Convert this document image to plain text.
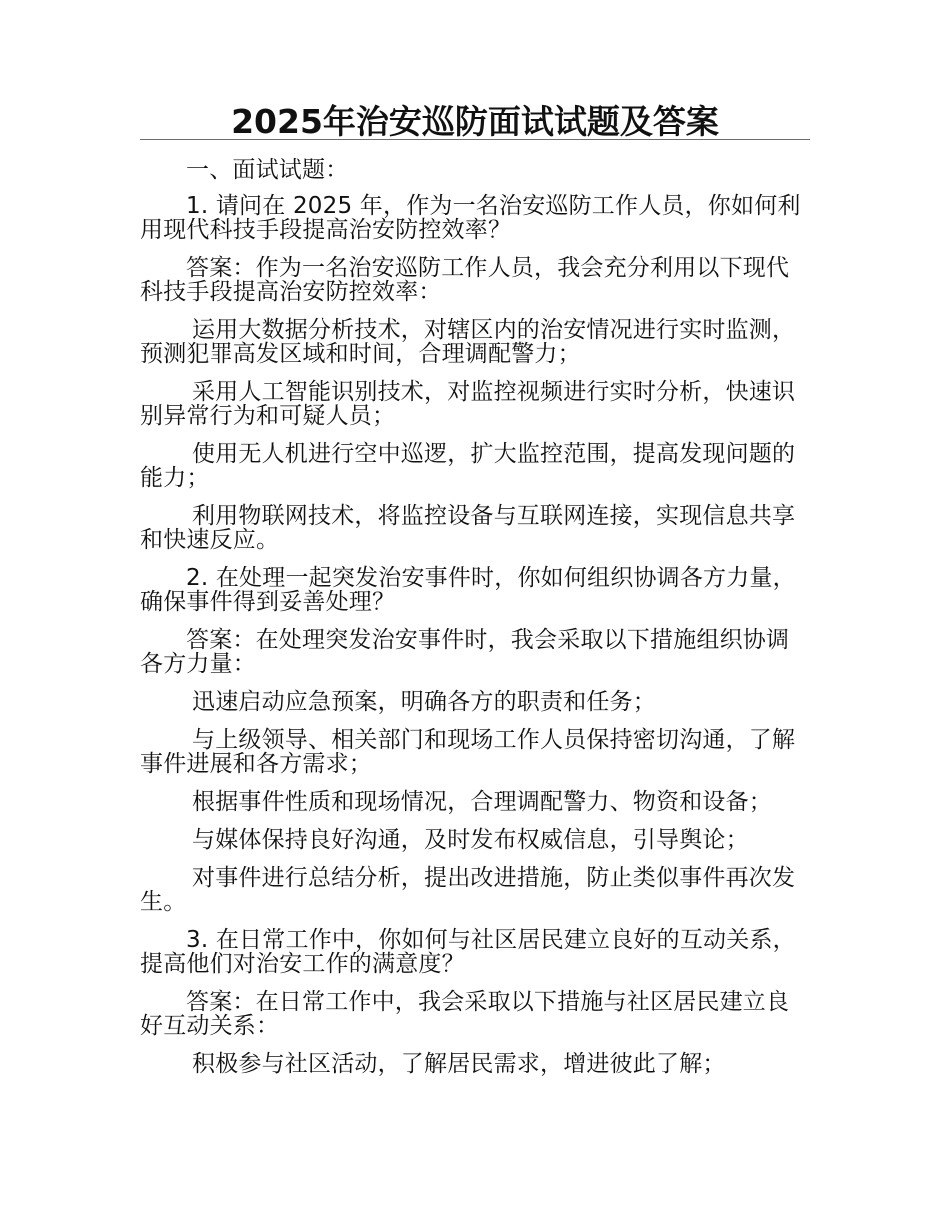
2025年治安巡防面试试题及答案

一、面试试题：

1. 请问在 2025 年，作为一名治安巡防工作人员，你如何利用现代科技手段提高治安防控效率？

答案：作为一名治安巡防工作人员，我会充分利用以下现代科技手段提高治安防控效率：

运用大数据分析技术，对辖区内的治安情况进行实时监测，预测犯罪高发区域和时间，合理调配警力；

采用人工智能识别技术，对监控视频进行实时分析，快速识别异常行为和可疑人员；

使用无人机进行空中巡逻，扩大监控范围，提高发现问题的能力；

利用物联网技术，将监控设备与互联网连接，实现信息共享和快速反应。

2. 在处理一起突发治安事件时，你如何组织协调各方力量，确保事件得到妥善处理？

答案：在处理突发治安事件时，我会采取以下措施组织协调各方力量：

迅速启动应急预案，明确各方的职责和任务；

与上级领导、相关部门和现场工作人员保持密切沟通，了解事件进展和各方需求；

根据事件性质和现场情况，合理调配警力、物资和设备；

与媒体保持良好沟通，及时发布权威信息，引导舆论；

对事件进行总结分析，提出改进措施，防止类似事件再次发生。

3. 在日常工作中，你如何与社区居民建立良好的互动关系，提高他们对治安工作的满意度？

答案：在日常工作中，我会采取以下措施与社区居民建立良好互动关系：

积极参与社区活动，了解居民需求，增进彼此了解；
